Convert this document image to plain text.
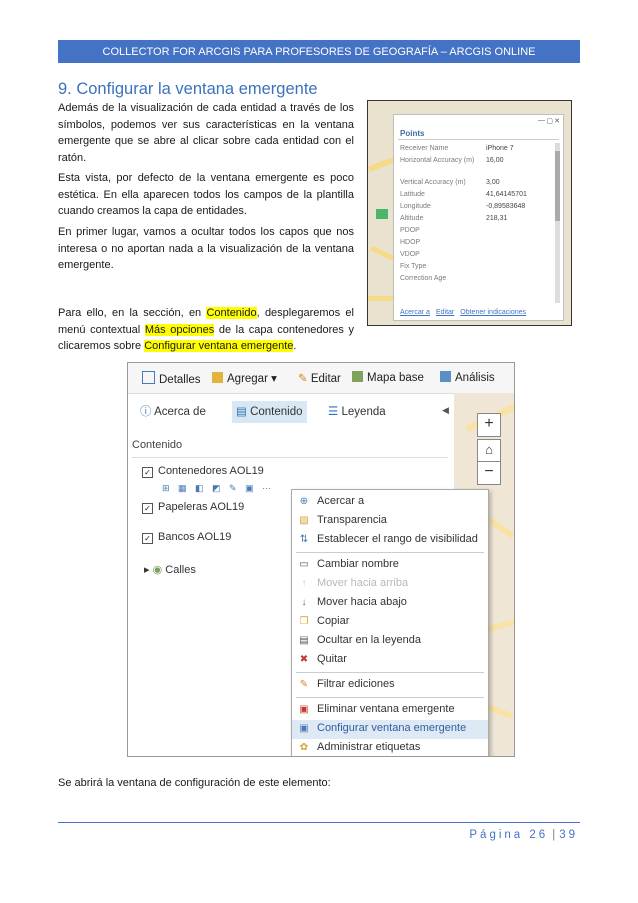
COLLECTOR FOR ARCGIS PARA PROFESORES DE GEOGRAFÍA – ARCGIS ONLINE
9. Configurar la ventana emergente

Además de la visualización de cada entidad a través de los símbolos, podemos ver sus características en la ventana emergente que se abre al clicar sobre cada entidad con el ratón.

Esta vista, por defecto de la ventana emergente es poco estética. En ella aparecen todos los campos de la plantilla cuando creamos la capa de entidades.

En primer lugar, vamos a ocultar todos los capos que nos interesa o no aportan nada a la visualización de la ventana emergente.

Para ello, en la sección, en Contenido, desplegaremos el menú contextual Más opciones de la capa contenedores y clicaremos sobre Configurar ventana emergente.

— ▢ ✕
Points
Receiver Name	iPhone 7
Horizontal Accuracy (m)	16,00
Vertical Accuracy (m)	3,00
Latitude	41,64145701
Longitude	-0,89583648
Altitude	218,31
PDOP
HDOP
VDOP
Fix Type
Correction Age
Acercar a Editar Obtener indicaciones
Detalles	Agregar ▾ ✎ Editar	Mapa base	Análisis
ⓘ Acerca de	▤ Contenido	☰ Leyenda	◀
Contenido
✓ Contenedores AOL19
⊞ ▦ ◧ ◩ ✎ ▣ ⋯
✓ Papeleras AOL19
✓ Bancos AOL19
▸ ◉ Calles
+
⌂
−
⊕ Acercar a
▧ Transparencia
⇅ Establecer el rango de visibilidad
▭ Cambiar nombre
↑ Mover hacia arriba
↓ Mover hacia abajo
❐ Copiar
▤ Ocultar en la leyenda
✖ Quitar
✎ Filtrar ediciones
▣ Eliminar ventana emergente
▣ Configurar ventana emergente
✿ Administrar etiquetas
Se abrirá la ventana de configuración de este elemento:
Página 26 | 39
